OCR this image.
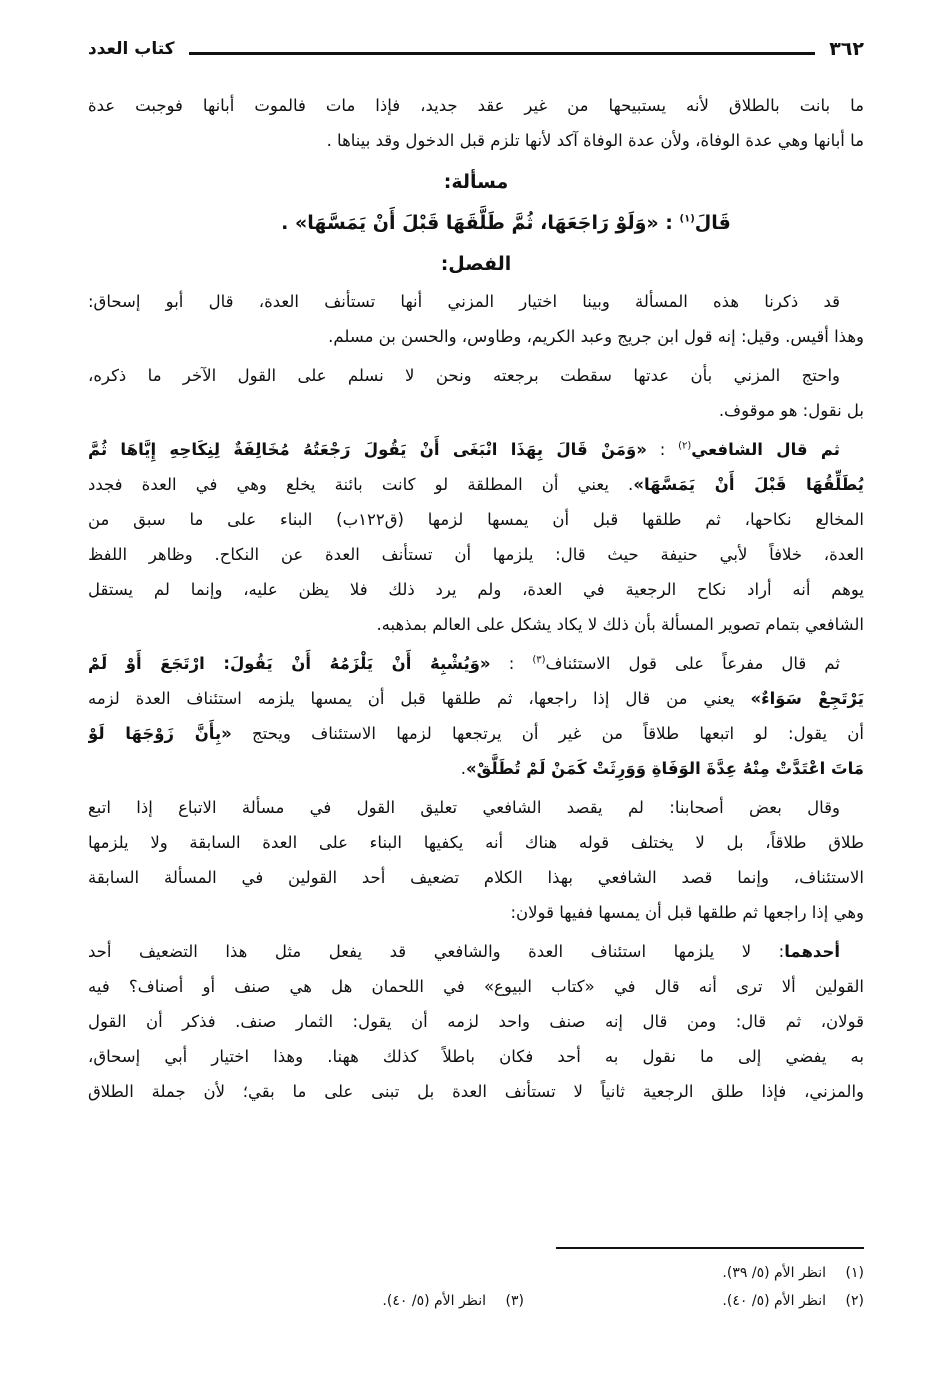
٣٦٢
كتاب العدد
ما بانت بالطلاق لأنه يستبيحها من غير عقد جديد، فإذا مات فالموت أبانها فوجبت عدة
ما أبانها وهي عدة الوفاة، ولأن عدة الوفاة آكد لأنها تلزم قبل الدخول وقد بيناها .
مسألة:
قَالَ$^{(١)}$ : «وَلَوْ رَاجَعَهَا، ثُمَّ طَلَّقَهَا قَبْلَ أَنْ يَمَسَّهَا» .
الفصل:
قد ذكرنا هذه المسألة وبينا اختيار المزني أنها تستأنف العدة، قال أبو إسحاق:
وهذا أقيس. وقيل: إنه قول ابن جريج وعبد الكريم، وطاوس، والحسن بن مسلم.
واحتج المزني بأن عدتها سقطت برجعته ونحن لا نسلم على القول الآخر ما ذكره،
بل نقول: هو موقوف.
ثم قال الشافعي$^{(٢)}$ : «وَمَنْ قَالَ بِهَذَا انْبَغَى أَنْ يَقُولَ رَجْعَتُهُ مُخَالِفَةٌ لِنِكَاحِهِ إِيَّاهَا ثُمَّ
يُطَلِّقُهَا قَبْلَ أَنْ يَمَسَّهَا». يعني أن المطلقة لو كانت بائنة يخلع وهي في العدة فجدد
المخالع نكاحها، ثم طلقها قبل أن يمسها لزمها (ق١٢٢ب) البناء على ما سبق من
العدة، خلافاً لأبي حنيفة حيث قال: يلزمها أن تستأنف العدة عن النكاح. وظاهر اللفظ
يوهم أنه أراد نكاح الرجعية في العدة، ولم يرد ذلك فلا يظن عليه، وإنما لم يستقل
الشافعي بتمام تصوير المسألة بأن ذلك لا يكاد يشكل على العالم بمذهبه.
ثم قال مفرعاً على قول الاستئناف$^{(٣)}$ : «وَيُشْبِهُ أَنْ يَلْزَمُهُ أَنْ يَقُولَ: ارْتَجَعَ أَوْ لَمْ
يَرْتَجِعْ سَوَاءٌ» يعني من قال إذا راجعها، ثم طلقها قبل أن يمسها يلزمه استئناف العدة لزمه
أن يقول: لو اتبعها طلاقاً من غير أن يرتجعها لزمها الاستئناف ويحتج «بِأَنَّ زَوْجَهَا لَوْ
مَاتَ اعْتَدَّتْ مِنْهُ عِدَّةَ الوَفَاةِ وَوَرِثَتْ كَمَنْ لَمْ تُطَلَّقْ».
وقال بعض أصحابنا: لم يقصد الشافعي تعليق القول في مسألة الاتباع إذا اتبع
طلاق طلاقاً، بل لا يختلف قوله هناك أنه يكفيها البناء على العدة السابقة ولا يلزمها
الاستئناف، وإنما قصد الشافعي بهذا الكلام تضعيف أحد القولين في المسألة السابقة
وهي إذا راجعها ثم طلقها قبل أن يمسها ففيها قولان:
أحدهما: لا يلزمها استئناف العدة والشافعي قد يفعل مثل هذا التضعيف أحد
القولين ألا ترى أنه قال في «كتاب البيوع» في اللحمان هل هي صنف أو أصناف؟ فيه
قولان، ثم قال: ومن قال إنه صنف واحد لزمه أن يقول: الثمار صنف. فذكر أن القول
به يفضي إلى ما نقول به أحد فكان باطلاً كذلك ههنا. وهذا اختيار أبي إسحاق،
والمزني، فإذا طلق الرجعية ثانياً لا تستأنف العدة بل تبنى على ما بقي؛ لأن جملة الطلاق
(١)انظر الأم (٥/ ٣٩).
(٢)انظر الأم (٥/ ٤٠).
(٣)انظر الأم (٥/ ٤٠).
